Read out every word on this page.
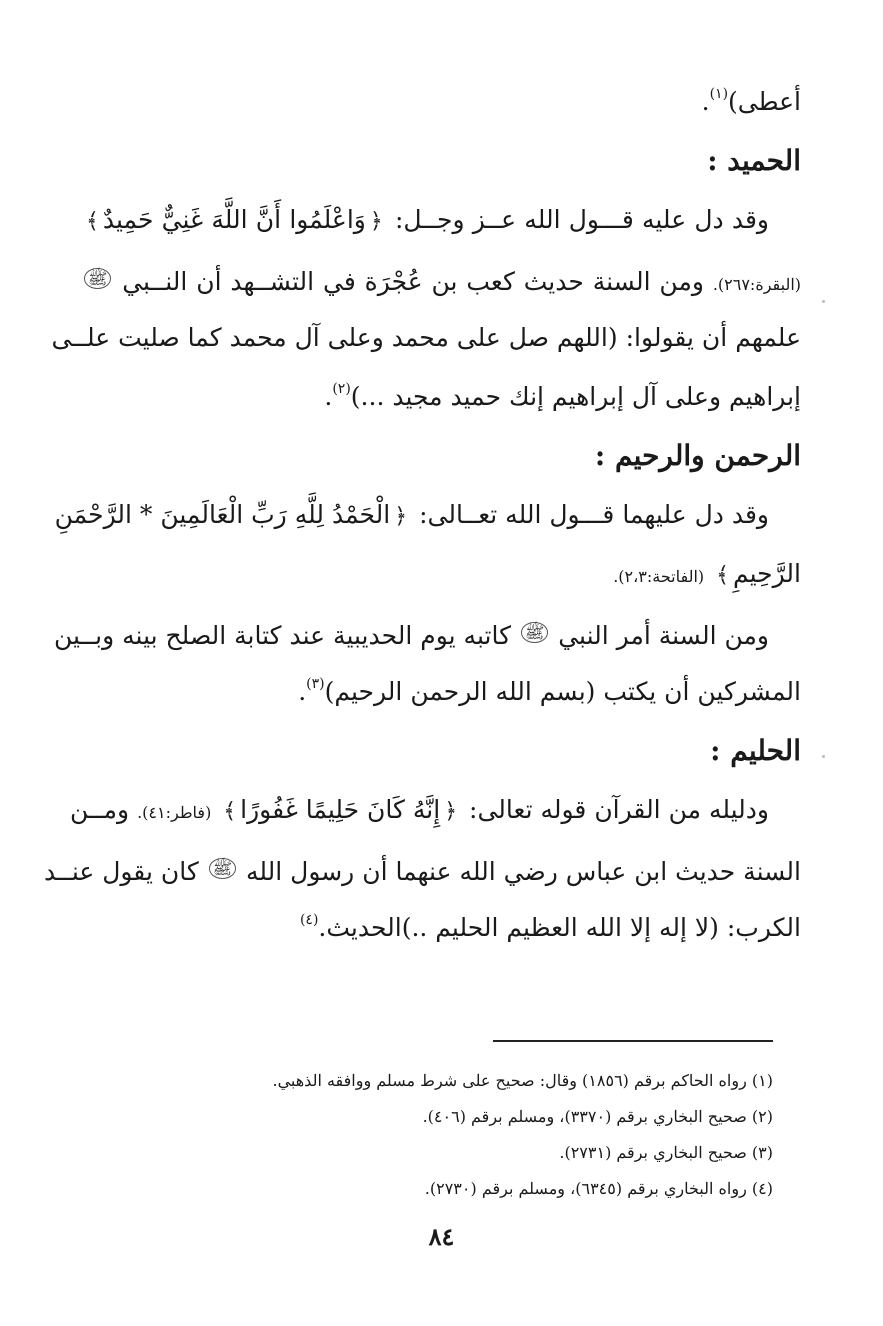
أعطى)$^{(١)}$.
الحميد :
وقد دل عليه قـــول الله عــز وجــل: ﴿وَاعْلَمُوا أَنَّ اللَّهَ غَنِيٌّ حَمِيدٌ﴾
(البقرة:٢٦٧). ومن السنة حديث كعب بن عُجْرَة في التشــهد أن النــبي $^ﷺ$
علمهم أن يقولوا: (اللهم صل على محمد وعلى آل محمد كما صليت علــى
إبراهيم وعلى آل إبراهيم إنك حميد مجيد ...)$^{(٢)}$.
الرحمن والرحيم :
وقد دل عليهما قـــول الله تعــالى: ﴿الْحَمْدُ لِلَّهِ رَبِّ الْعَالَمِينَ * الرَّحْمَنِ
الرَّحِيمِ﴾ (الفاتحة:٢،٣).
ومن السنة أمر النبي $^ﷺ$ كاتبه يوم الحديبية عند كتابة الصلح بينه وبــين
المشركين أن يكتب (بسم الله الرحمن الرحيم)$^{(٣)}$.
الحليم :
ودليله من القرآن قوله تعالى: ﴿إِنَّهُ كَانَ حَلِيمًا غَفُورًا﴾ (فاطر:٤١). ومــن
السنة حديث ابن عباس رضي الله عنهما أن رسول الله $^ﷺ$ كان يقول عنــد
الكرب: (لا إله إلا الله العظيم الحليم ..)الحديث.$^{(٤)}$
(١) رواه الحاكم برقم (١٨٥٦) وقال: صحيح على شرط مسلم ووافقه الذهبي.
(٢) صحيح البخاري برقم (٣٣٧٠)، ومسلم برقم (٤٠٦).
(٣) صحيح البخاري برقم (٢٧٣١).
(٤) رواه البخاري برقم (٦٣٤٥)، ومسلم برقم (٢٧٣٠).
٨٤
